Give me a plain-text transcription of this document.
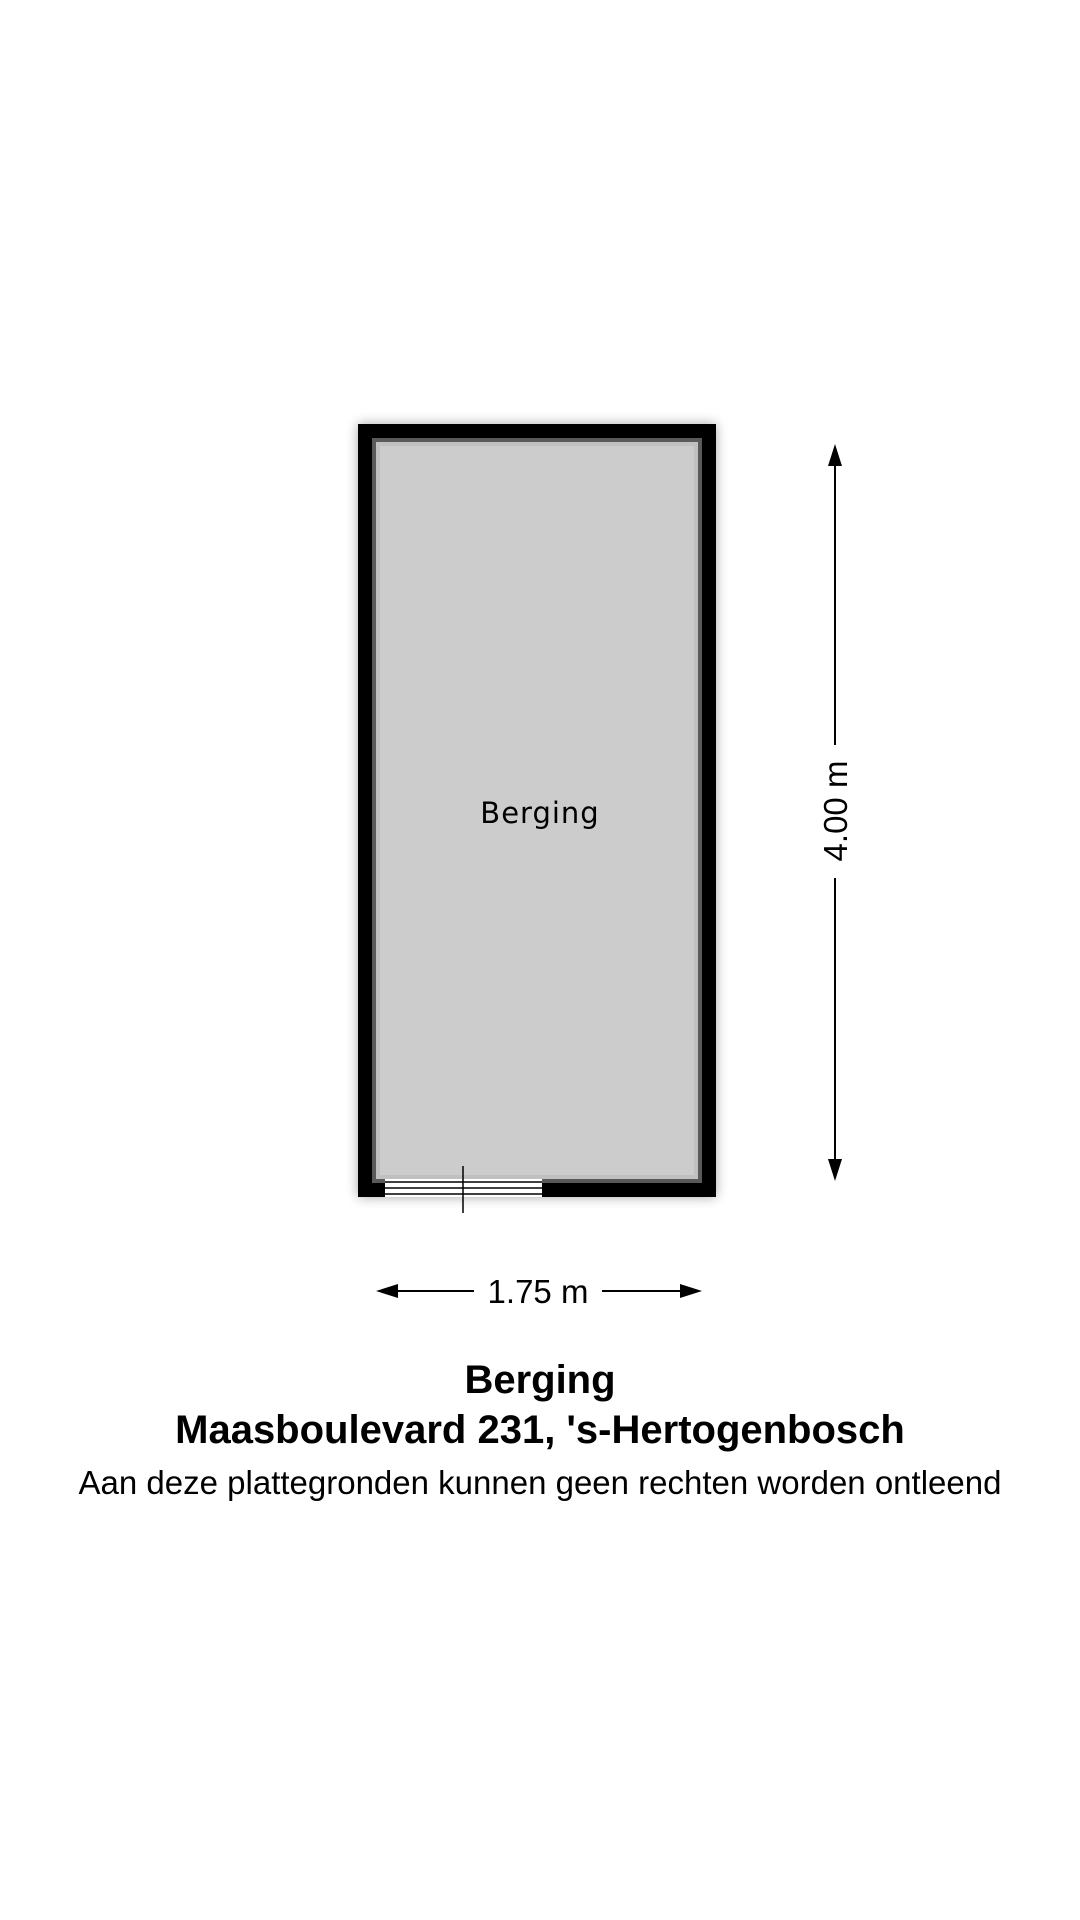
Berging	4.00 m
1.75 m
Berging
Maasboulevard 231, 's-Hertogenbosch
Aan deze plattegronden kunnen geen rechten worden ontleend
